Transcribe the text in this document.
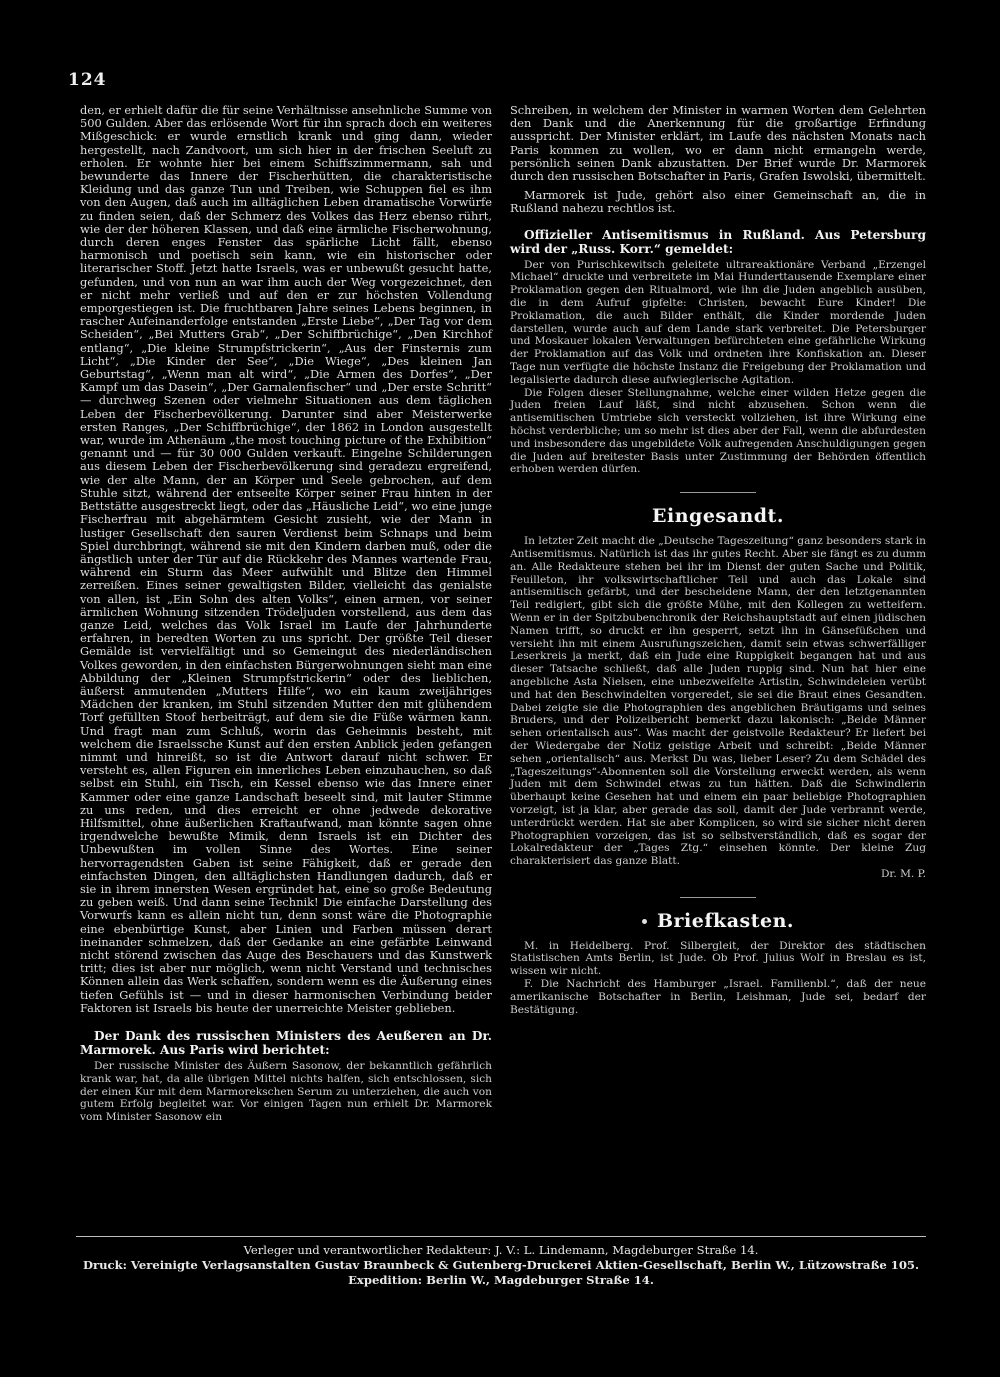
124

den, er erhielt dafür die für seine Verhältnisse ansehnliche Summe von 500 Gulden. Aber das erlösende Wort für ihn sprach doch ein weiteres Mißgeschick: er wurde ernstlich krank und ging dann, wieder hergestellt, nach Zandvoort, um sich hier in der frischen Seeluft zu erholen. Er wohnte hier bei einem Schiffszimmermann, sah und bewunderte das Innere der Fischerhütten, die charakteristische Kleidung und das ganze Tun und Treiben, wie Schuppen fiel es ihm von den Augen, daß auch im alltäglichen Leben dramatische Vorwürfe zu finden seien, daß der Schmerz des Volkes das Herz ebenso rührt, wie der der höheren Klassen, und daß eine ärmliche Fischerwohnung, durch deren enges Fenster das spärliche Licht fällt, ebenso harmonisch und poetisch sein kann, wie ein historischer oder literarischer Stoff. Jetzt hatte Israels, was er unbewußt gesucht hatte, gefunden, und von nun an war ihm auch der Weg vorgezeichnet, den er nicht mehr verließ und auf den er zur höchsten Vollendung emporgestiegen ist. Die fruchtbaren Jahre seines Lebens beginnen, in rascher Aufeinanderfolge entstanden „Erste Liebe“, „Der Tag vor dem Scheiden“, „Bei Mutters Grab“, „Der Schiffbrüchige“, „Den Kirchhof entlang“, „Die kleine Strumpfstrickerin“, „Aus der Finsternis zum Licht“, „Die Kinder der See“, „Die Wiege“, „Des kleinen Jan Geburtstag“, „Wenn man alt wird“, „Die Armen des Dorfes“, „Der Kampf um das Dasein“, „Der Garnalenfischer“ und „Der erste Schritt“ — durchweg Szenen oder vielmehr Situationen aus dem täglichen Leben der Fischerbevölkerung. Darunter sind aber Meisterwerke ersten Ranges, „Der Schiffbrüchige“, der 1862 in London ausgestellt war, wurde im Athenäum „the most touching picture of the Exhibition“ genannt und — für 30 000 Gulden verkauft. Eingelne Schilderungen aus diesem Leben der Fischerbevölkerung sind geradezu ergreifend, wie der alte Mann, der an Körper und Seele gebrochen, auf dem Stuhle sitzt, während der entseelte Körper seiner Frau hinten in der Bettstätte ausgestreckt liegt, oder das „Häusliche Leid“, wo eine junge Fischerfrau mit abgehärmtem Gesicht zusieht, wie der Mann in lustiger Gesellschaft den sauren Verdienst beim Schnaps und beim Spiel durchbringt, während sie mit den Kindern darben muß, oder die ängstlich unter der Tür auf die Rückkehr des Mannes wartende Frau, während ein Sturm das Meer aufwühlt und Blitze den Himmel zerreißen. Eines seiner gewaltigsten Bilder, vielleicht das genialste von allen, ist „Ein Sohn des alten Volks“, einen armen, vor seiner ärmlichen Wohnung sitzenden Trödeljuden vorstellend, aus dem das ganze Leid, welches das Volk Israel im Laufe der Jahrhunderte erfahren, in beredten Worten zu uns spricht. Der größte Teil dieser Gemälde ist vervielfältigt und so Gemeingut des niederländischen Volkes geworden, in den einfachsten Bürgerwohnungen sieht man eine Abbildung der „Kleinen Strumpfstrickerin“ oder des lieblichen, äußerst anmutenden „Mutters Hilfe“, wo ein kaum zweijähriges Mädchen der kranken, im Stuhl sitzenden Mutter den mit glühendem Torf gefüllten Stoof herbeiträgt, auf dem sie die Füße wärmen kann. Und fragt man zum Schluß, worin das Geheimnis besteht, mit welchem die Israelssche Kunst auf den ersten Anblick jeden gefangen nimmt und hinreißt, so ist die Antwort darauf nicht schwer. Er versteht es, allen Figuren ein innerliches Leben einzuhauchen, so daß selbst ein Stuhl, ein Tisch, ein Kessel ebenso wie das Innere einer Kammer oder eine ganze Landschaft beseelt sind, mit lauter Stimme zu uns reden, und dies erreicht er ohne jedwede dekorative Hilfsmittel, ohne äußerlichen Kraftaufwand, man könnte sagen ohne irgendwelche bewußte Mimik, denn Israels ist ein Dichter des Unbewußten im vollen Sinne des Wortes. Eine seiner hervorragendsten Gaben ist seine Fähigkeit, daß er gerade den einfachsten Dingen, den alltäglichsten Handlungen dadurch, daß er sie in ihrem innersten Wesen ergründet hat, eine so große Bedeutung zu geben weiß. Und dann seine Technik! Die einfache Darstellung des Vorwurfs kann es allein nicht tun, denn sonst wäre die Photographie eine ebenbürtige Kunst, aber Linien und Farben müssen derart ineinander schmelzen, daß der Gedanke an eine gefärbte Leinwand nicht störend zwischen das Auge des Beschauers und das Kunstwerk tritt; dies ist aber nur möglich, wenn nicht Verstand und technisches Können allein das Werk schaffen, sondern wenn es die Äußerung eines tiefen Gefühls ist — und in dieser harmonischen Verbindung beider Faktoren ist Israels bis heute der unerreichte Meister geblieben.

Der Dank des russischen Ministers des Aeußeren an Dr. Marmorek. Aus Paris wird berichtet:

Der russische Minister des Äußern Sasonow, der bekanntlich gefährlich krank war, hat, da alle übrigen Mittel nichts halfen, sich entschlossen, sich der einen Kur mit dem Marmorekschen Serum zu unterziehen, die auch von gutem Erfolg begleitet war. Vor einigen Tagen nun erhielt Dr. Marmorek vom Minister Sasonow ein

Schreiben, in welchem der Minister in warmen Worten dem Gelehrten den Dank und die Anerkennung für die großartige Erfindung ausspricht. Der Minister erklärt, im Laufe des nächsten Monats nach Paris kommen zu wollen, wo er dann nicht ermangeln werde, persönlich seinen Dank abzustatten. Der Brief wurde Dr. Marmorek durch den russischen Botschafter in Paris, Grafen Iswolski, übermittelt.

Marmorek ist Jude, gehört also einer Gemeinschaft an, die in Rußland nahezu rechtlos ist.

Offizieller Antisemitismus in Rußland. Aus Petersburg wird der „Russ. Korr.“ gemeldet:

Der von Purischkewitsch geleitete ultrareaktionäre Verband „Erzengel Michael“ druckte und verbreitete im Mai Hunderttausende Exemplare einer Proklamation gegen den Ritualmord, wie ihn die Juden angeblich ausüben, die in dem Aufruf gipfelte: Christen, bewacht Eure Kinder! Die Proklamation, die auch Bilder enthält, die Kinder mordende Juden darstellen, wurde auch auf dem Lande stark verbreitet. Die Petersburger und Moskauer lokalen Verwaltungen befürchteten eine gefährliche Wirkung der Proklamation auf das Volk und ordneten ihre Konfiskation an. Dieser Tage nun verfügte die höchste Instanz die Freigebung der Proklamation und legalisierte dadurch diese aufwieglerische Agitation.

Die Folgen dieser Stellungnahme, welche einer wilden Hetze gegen die Juden freien Lauf läßt, sind nicht abzusehen. Schon wenn die antisemitischen Umtriebe sich versteckt vollziehen, ist ihre Wirkung eine höchst verderbliche; um so mehr ist dies aber der Fall, wenn die abfurdesten und insbesondere das ungebildete Volk aufregenden Anschuldigungen gegen die Juden auf breitester Basis unter Zustimmung der Behörden öffentlich erhoben werden dürfen.

Eingesandt.

In letzter Zeit macht die „Deutsche Tageszeitung“ ganz besonders stark in Antisemitismus. Natürlich ist das ihr gutes Recht. Aber sie fängt es zu dumm an. Alle Redakteure stehen bei ihr im Dienst der guten Sache und Politik, Feuilleton, ihr volkswirtschaftlicher Teil und auch das Lokale sind antisemitisch gefärbt, und der bescheidene Mann, der den letztgenannten Teil redigiert, gibt sich die größte Mühe, mit den Kollegen zu wetteifern. Wenn er in der Spitzbubenchronik der Reichshauptstadt auf einen jüdischen Namen trifft, so druckt er ihn gesperrt, setzt ihn in Gänsefüßchen und versieht ihn mit einem Ausrufungszeichen, damit sein etwas schwerfälliger Leserkreis ja merkt, daß ein Jude eine Ruppigkeit begangen hat und aus dieser Tatsache schließt, daß alle Juden ruppig sind. Nun hat hier eine angebliche Asta Nielsen, eine unbezweifelte Artistin, Schwindeleien verübt und hat den Beschwindelten vorgeredet, sie sei die Braut eines Gesandten. Dabei zeigte sie die Photographien des angeblichen Bräutigams und seines Bruders, und der Polizeibericht bemerkt dazu lakonisch: „Beide Männer sehen orientalisch aus“. Was macht der geistvolle Redakteur? Er liefert bei der Wiedergabe der Notiz geistige Arbeit und schreibt: „Beide Männer sehen „orientalisch“ aus. Merkst Du was, lieber Leser? Zu dem Schädel des „Tageszeitungs“-Abonnenten soll die Vorstellung erweckt werden, als wenn Juden mit dem Schwindel etwas zu tun hätten. Daß die Schwindlerin überhaupt keine Gesehen hat und einem ein paar beliebige Photographien vorzeigt, ist ja klar, aber gerade das soll, damit der Jude verbrannt werde, unterdrückt werden. Hat sie aber Komplicen, so wird sie sicher nicht deren Photographien vorzeigen, das ist so selbstverständlich, daß es sogar der Lokalredakteur der „Tages Ztg.“ einsehen könnte. Der kleine Zug charakterisiert das ganze Blatt.

Dr. M. P.

Briefkasten.

M. in Heidelberg. Prof. Silbergleit, der Direktor des städtischen Statistischen Amts Berlin, ist Jude. Ob Prof. Julius Wolf in Breslau es ist, wissen wir nicht.

F. Die Nachricht des Hamburger „Israel. Familienbl.“, daß der neue amerikanische Botschafter in Berlin, Leishman, Jude sei, bedarf der Bestätigung.

Verleger und verantwortlicher Redakteur: J. V.: L. Lindemann, Magdeburger Straße 14.
Druck: Vereinigte Verlagsanstalten Gustav Braunbeck & Gutenberg-Druckerei Aktien-Gesellschaft, Berlin W., Lützowstraße 105.
Expedition: Berlin W., Magdeburger Straße 14.
